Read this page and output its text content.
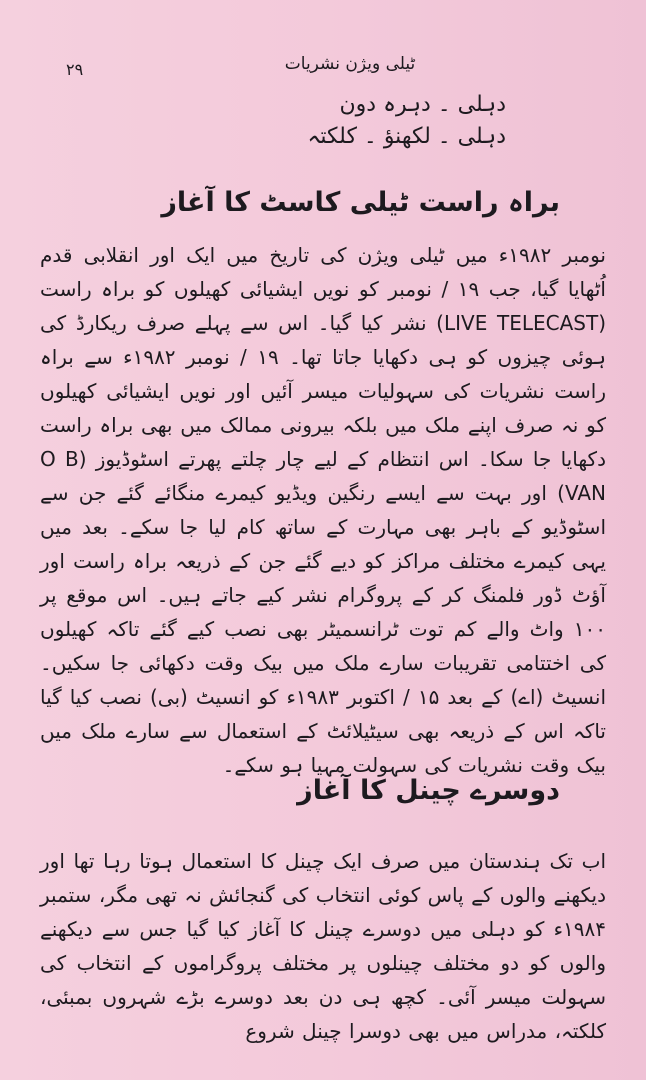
۲۹	ٹیلی ویژن نشریات
دہلی ۔ دہرہ دون
دہلی ۔ لکھنؤ ۔ کلکتہ
براہ راست ٹیلی کاسٹ کا آغاز
نومبر ۱۹۸۲ء میں ٹیلی ویژن کی تاریخ میں ایک اور انقلابی قدم اُٹھایا گیا، جب ۱۹ / نومبر کو نویں ایشیائی کھیلوں کو براہ راست (LIVE TELECAST) نشر کیا گیا۔ اس سے پہلے صرف ریکارڈ کی ہوئی چیزوں کو ہی دکھایا جاتا تھا۔ ۱۹ / نومبر ۱۹۸۲ء سے براہ راست نشریات کی سہولیات میسر آئیں اور نویں ایشیائی کھیلوں کو نہ صرف اپنے ملک میں بلکہ بیرونی ممالک میں بھی براہ راست دکھایا جا سکا۔ اس انتظام کے لیے چار چلتے پھرتے اسٹوڈیوز (O B VAN) اور بہت سے ایسے رنگین ویڈیو کیمرے منگائے گئے جن سے اسٹوڈیو کے باہر بھی مہارت کے ساتھ کام لیا جا سکے۔ بعد میں یہی کیمرے مختلف مراکز کو دیے گئے جن کے ذریعہ براہ راست اور آؤٹ ڈور فلمنگ کر کے پروگرام نشر کیے جاتے ہیں۔ اس موقع پر ۱۰۰ واٹ والے کم توت ٹرانسمیٹر بھی نصب کیے گئے تاکہ کھیلوں کی اختتامی تقریبات سارے ملک میں بیک وقت دکھائی جا سکیں۔ انسیٹ (اے) کے بعد ۱۵ / اکتوبر ۱۹۸۳ء کو انسیٹ (بی) نصب کیا گیا تاکہ اس کے ذریعہ بھی سیٹیلائٹ کے استعمال سے سارے ملک میں بیک وقت نشریات کی سہولت مہیا ہو سکے۔
دوسرے چینل کا آغاز
اب تک ہندستان میں صرف ایک چینل کا استعمال ہوتا رہا تھا اور دیکھنے والوں کے پاس کوئی انتخاب کی گنجائش نہ تھی مگر، ستمبر ۱۹۸۴ء کو دہلی میں دوسرے چینل کا آغاز کیا گیا جس سے دیکھنے والوں کو دو مختلف چینلوں پر مختلف پروگراموں کے انتخاب کی سہولت میسر آئی۔ کچھ ہی دن بعد دوسرے بڑے شہروں بمبئی، کلکتہ، مدراس میں بھی دوسرا چینل شروع
